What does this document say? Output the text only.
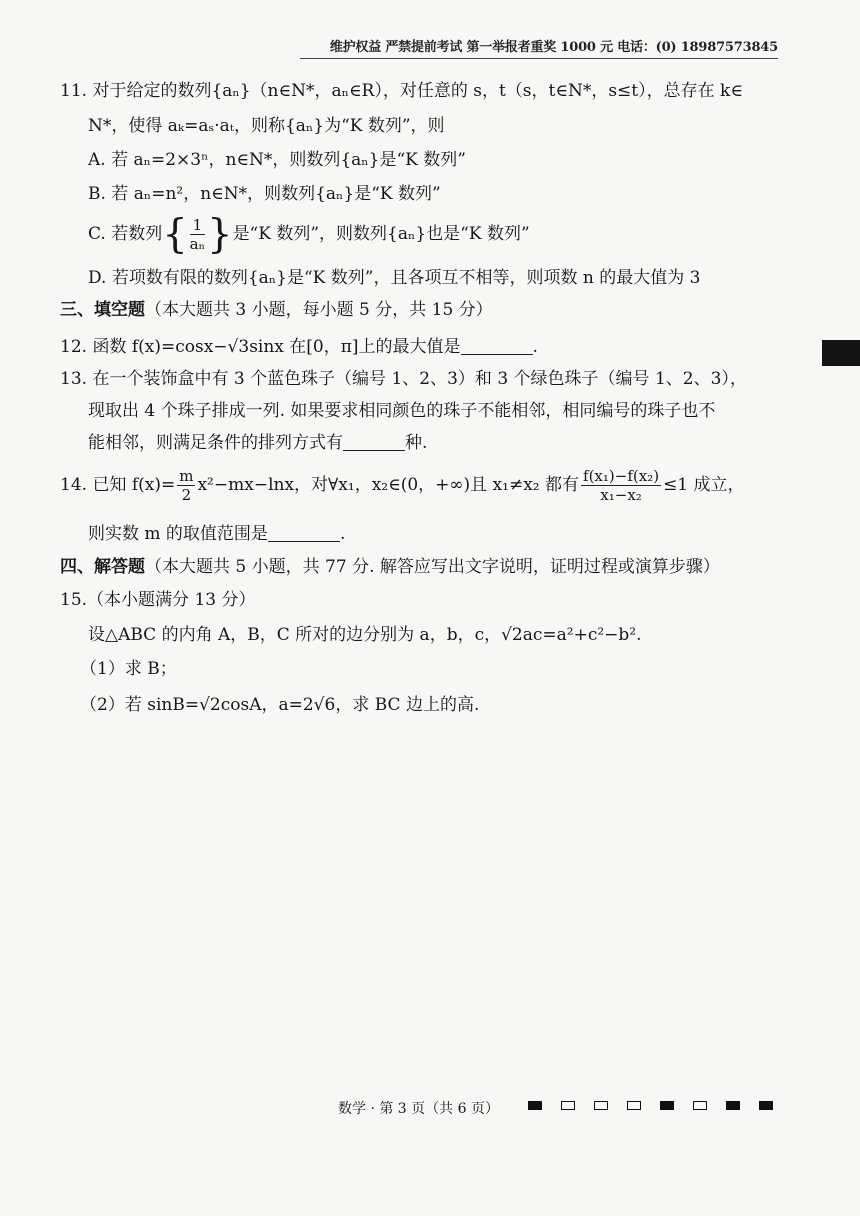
维护权益 严禁提前考试 第一举报者重奖 1000 元 电话：(0) 18987573845
11. 对于给定的数列{aₙ}（n∈N*，aₙ∈R），对任意的 s，t（s，t∈N*，s≤t），总存在 k∈
N*，使得 aₖ=aₛ·aₜ，则称{aₙ}为“K 数列”，则
A. 若 aₙ=2×3ⁿ，n∈N*，则数列{aₙ}是“K 数列”
B. 若 aₙ=n²，n∈N*，则数列{aₙ}是“K 数列”
C. 若数列{ $\frac{1}{\text{aₙ}}$ }是“K 数列”，则数列{aₙ}也是“K 数列”
D. 若项数有限的数列{aₙ}是“K 数列”，且各项互不相等，则项数 n 的最大值为 3
三、填空题（本大题共 3 小题，每小题 5 分，共 15 分）
12. 函数 f(x)=cosx−√3sinx 在[0，π]上的最大值是	.
13. 在一个装饰盒中有 3 个蓝色珠子（编号 1、2、3）和 3 个绿色珠子（编号 1、2、3），
现取出 4 个珠子排成一列. 如果要求相同颜色的珠子不能相邻，相同编号的珠子也不
能相邻，则满足条件的排列方式有	种.
14. 已知 $f(x)= \frac{m}{2} x^2-mx-\ln x$，对∀x₁，x₂∈(0，+∞)且 x₁≠x₂ 都有 $\frac{\text{f(x₁)−f(x₂)}}{\text{x₁−x₂}} \le 1$ 成立，
则实数 m 的取值范围是	.
四、解答题（本大题共 5 小题，共 77 分. 解答应写出文字说明，证明过程或演算步骤）
15.（本小题满分 13 分）
设△ABC 的内角 A，B，C 所对的边分别为 a，b，c，√2ac=a²+c²−b².
（1）求 B；
（2）若 sinB=√2cosA，a=2√6，求 BC 边上的高.
数学 · 第 3 页（共 6 页）
